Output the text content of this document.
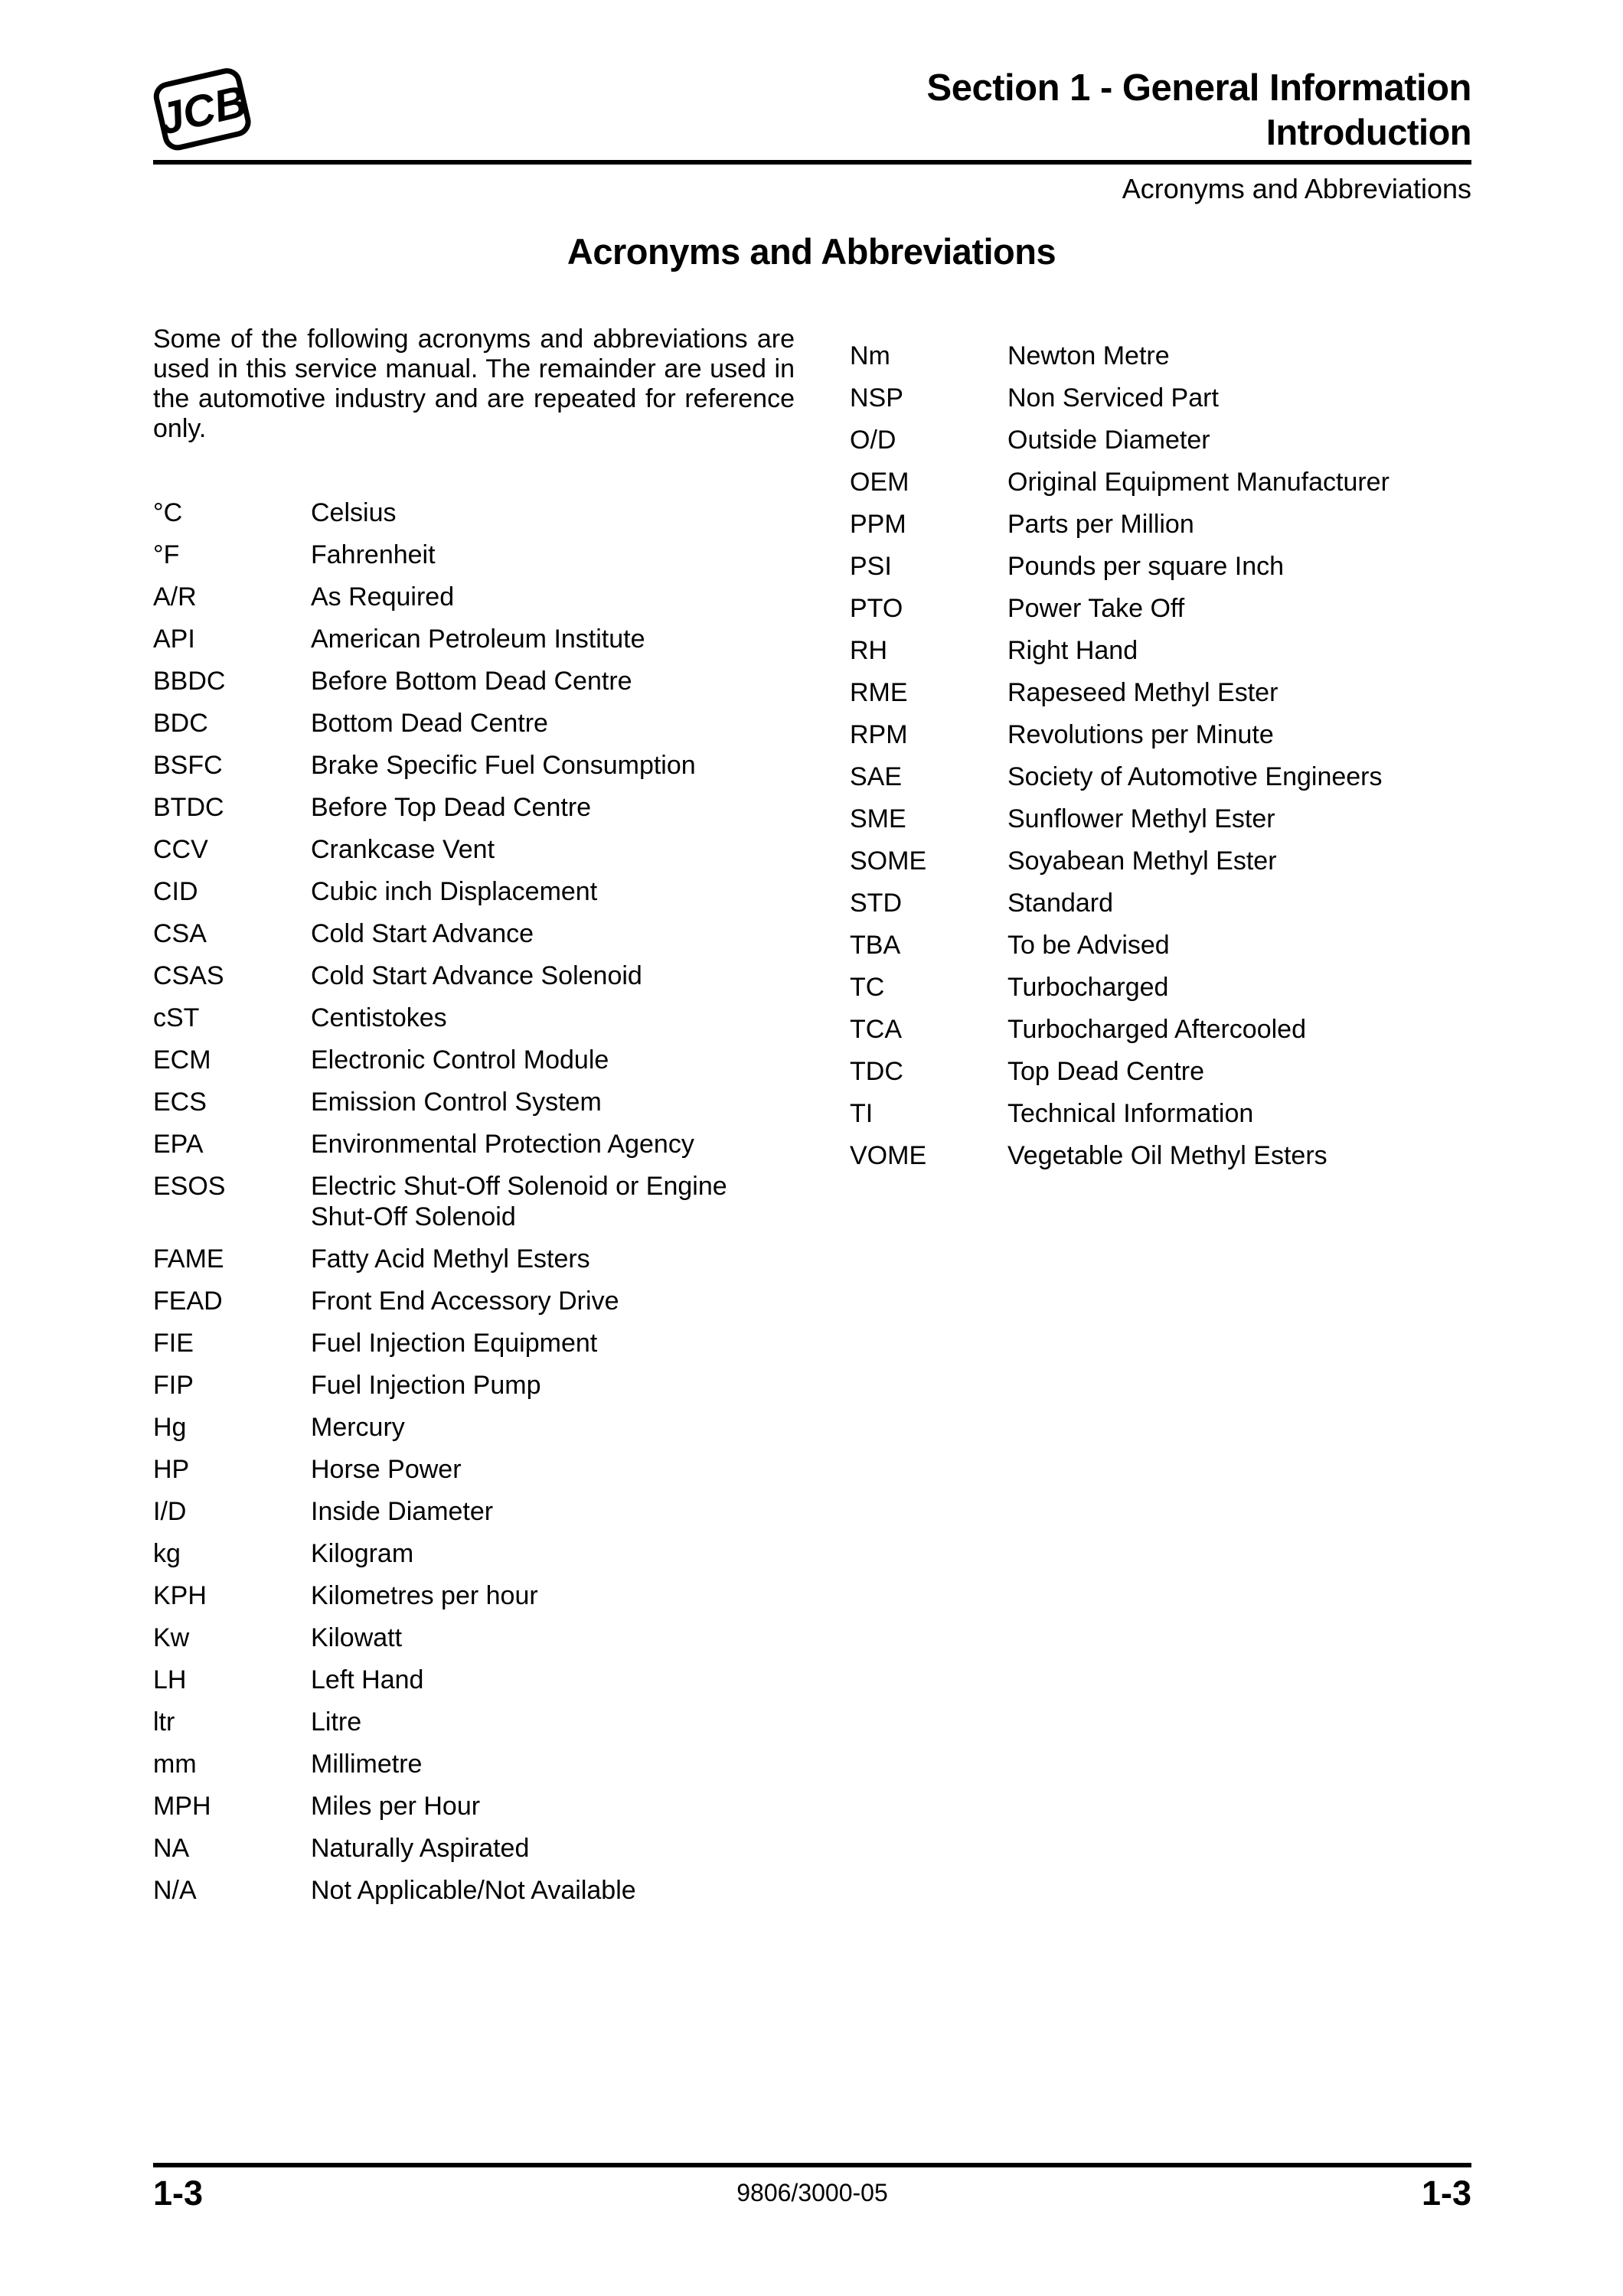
JCB	Section 1 - General Information
Introduction
Acronyms and Abbreviations
Acronyms and Abbreviations

Some of the following acronyms and abbreviations are used in this service manual. The remainder are used in the automotive industry and are repeated for reference only.

°C	Celsius
°F	Fahrenheit
A/R	As Required
API	American Petroleum Institute
BBDC	Before Bottom Dead Centre
BDC	Bottom Dead Centre
BSFC	Brake Specific Fuel Consumption
BTDC	Before Top Dead Centre
CCV	Crankcase Vent
CID	Cubic inch Displacement
CSA	Cold Start Advance
CSAS	Cold Start Advance Solenoid
cST	Centistokes
ECM	Electronic Control Module
ECS	Emission Control System
EPA	Environmental Protection Agency
ESOS	Electric Shut-Off Solenoid or Engine Shut-Off Solenoid
FAME	Fatty Acid Methyl Esters
FEAD	Front End Accessory Drive
FIE	Fuel Injection Equipment
FIP	Fuel Injection Pump
Hg	Mercury
HP	Horse Power
I/D	Inside Diameter
kg	Kilogram
KPH	Kilometres per hour
Kw	Kilowatt
LH	Left Hand
ltr	Litre
mm	Millimetre
MPH	Miles per Hour
NA	Naturally Aspirated
N/A	Not Applicable/Not Available
Nm	Newton Metre
NSP	Non Serviced Part
O/D	Outside Diameter
OEM	Original Equipment Manufacturer
PPM	Parts per Million
PSI	Pounds per square Inch
PTO	Power Take Off
RH	Right Hand
RME	Rapeseed Methyl Ester
RPM	Revolutions per Minute
SAE	Society of Automotive Engineers
SME	Sunflower Methyl Ester
SOME	Soyabean Methyl Ester
STD	Standard
TBA	To be Advised
TC	Turbocharged
TCA	Turbocharged Aftercooled
TDC	Top Dead Centre
TI	Technical Information
VOME	Vegetable Oil Methyl Esters
1-3	9806/3000-05	1-3
